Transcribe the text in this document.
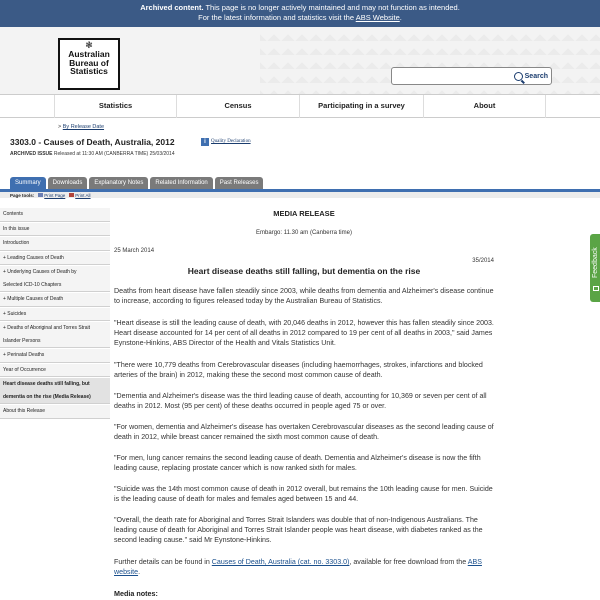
Archived content. This page is no longer actively maintained and may not function as intended.
For the latest information and statistics visit the ABS Website.
❃
Australian
Bureau of
Statistics	Search
Statistics	Census	Participating in a survey	About
> By Release Date
3303.0 - Causes of Death, Australia, 2012	i	Quality Declaration
ARCHIVED ISSUE Released at 11:30 AM (CANBERRA TIME) 25/03/2014
Summary	Downloads	Explanatory Notes	Related Information	Past Releases
Page tools: Print Page Print All
Contents
In this issue
Introduction
+ Leading Causes of Death
+ Underlying Causes of Death by
Selected ICD-10 Chapters
+ Multiple Causes of Death
+ Suicides
+ Deaths of Aboriginal and Torres Strait
Islander Persons
+ Perinatal Deaths
Year of Occurrence
Heart disease deaths still falling, but
dementia on the rise (Media Release)
About this Release
MEDIA RELEASE
Embargo: 11.30 am (Canberra time)
25 March 2014
35/2014
Heart disease deaths still falling, but dementia on the rise

Deaths from heart disease have fallen steadily since 2003, while deaths from dementia and Alzheimer's disease continue to increase, according to figures released today by the Australian Bureau of Statistics.

"Heart disease is still the leading cause of death, with 20,046 deaths in 2012, however this has fallen steadily since 2003. Heart disease accounted for 14 per cent of all deaths in 2012 compared to 19 per cent of all deaths in 2003," said James Eynstone-Hinkins, ABS Director of the Health and Vitals Statistics Unit.

"There were 10,779 deaths from Cerebrovascular diseases (including haemorrhages, strokes, infarctions and blocked arteries of the brain) in 2012, making these the second most common cause of death.

"Dementia and Alzheimer's disease was the third leading cause of death, accounting for 10,369 or seven per cent of all deaths in 2012. Most (95 per cent) of these deaths occurred in people aged 75 or over.

"For women, dementia and Alzheimer's disease has overtaken Cerebrovascular diseases as the second leading cause of death in 2012, while breast cancer remained the sixth most common cause of death.

"For men, lung cancer remains the second leading cause of death. Dementia and Alzheimer's disease is now the fifth leading cause, replacing prostate cancer which is now ranked sixth for males.

"Suicide was the 14th most common cause of death in 2012 overall, but remains the 10th leading cause for men. Suicide is the leading cause of death for males and females aged between 15 and 44.

"Overall, the death rate for Aboriginal and Torres Strait Islanders was double that of non-Indigenous Australians. The leading cause of death for Aboriginal and Torres Strait Islander people was heart disease, with diabetes ranked as the second leading cause." said Mr Eynstone-Hinkins.

Further details can be found in Causes of Death, Australia (cat. no. 3303.0), available for free download from the ABS website.

Media notes:
Feedback
